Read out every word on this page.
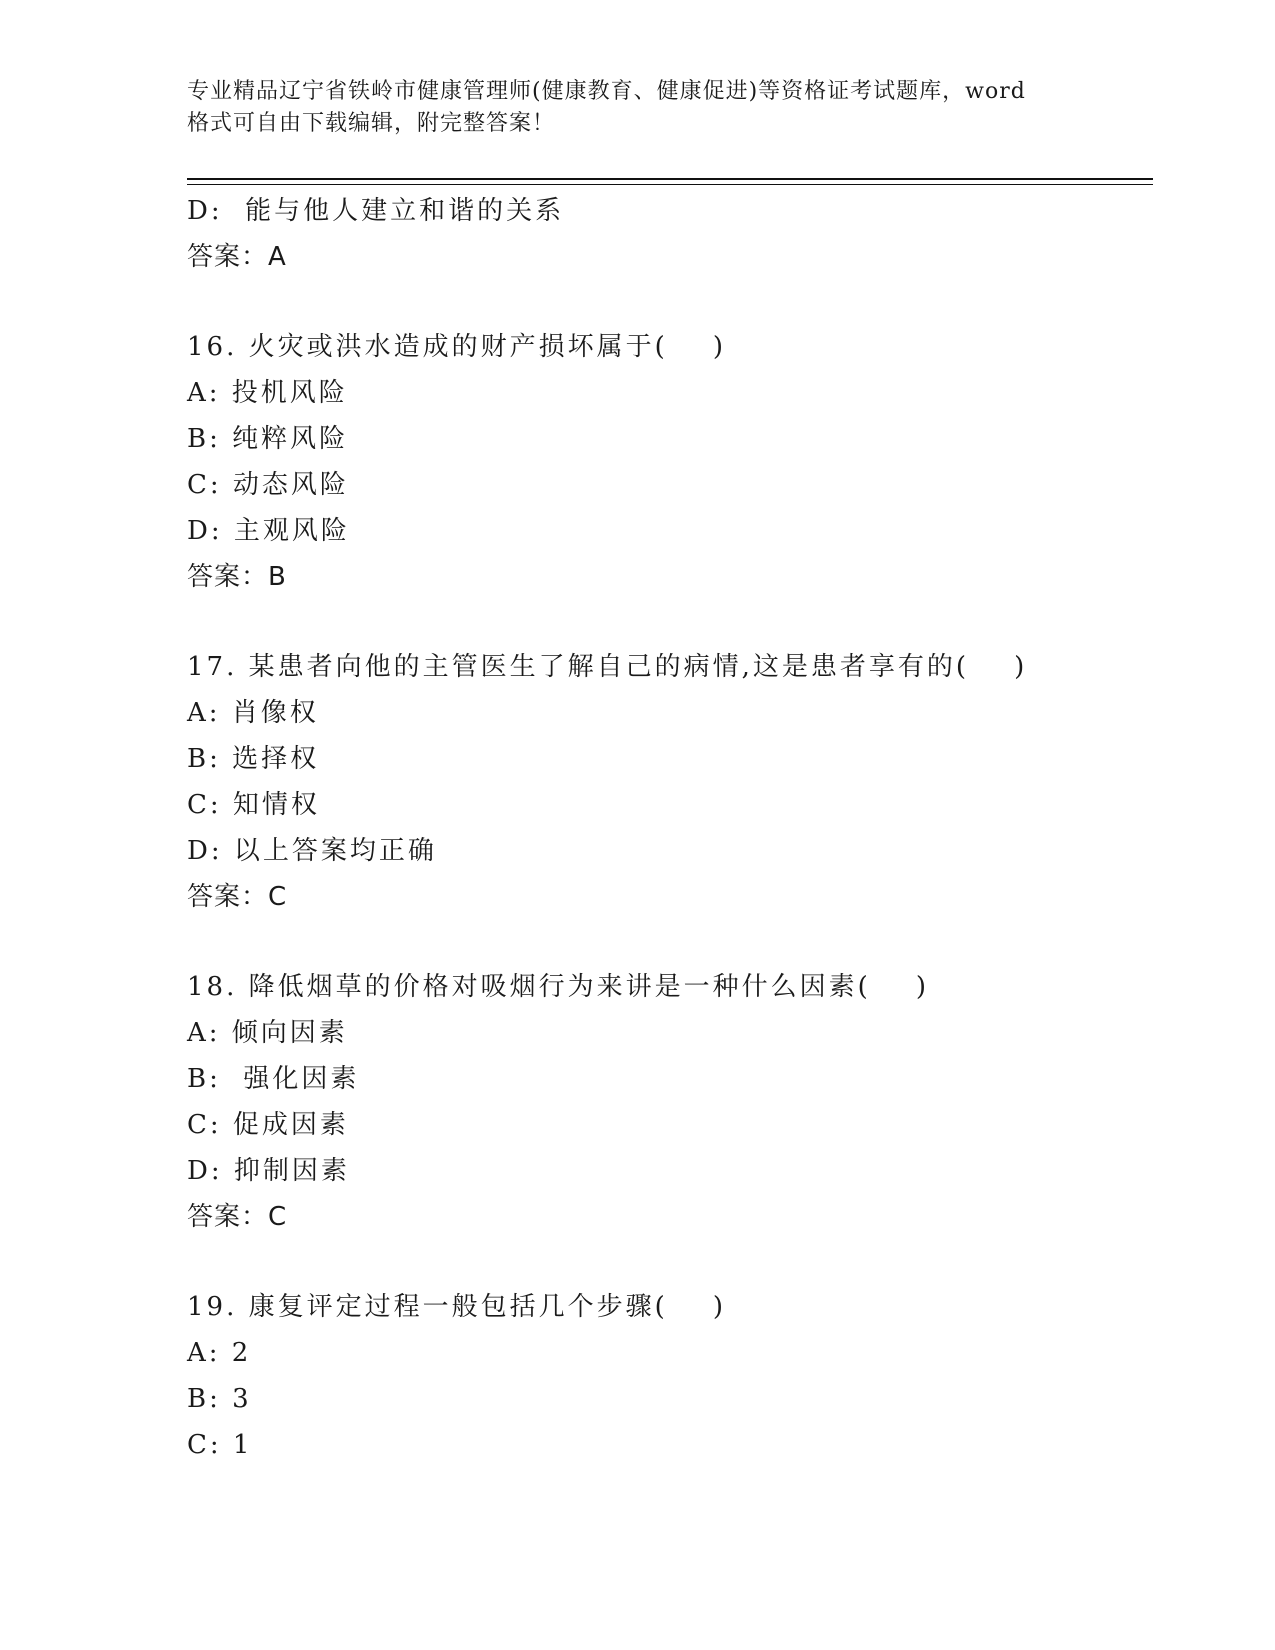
专业精品辽宁省铁岭市健康管理师(健康教育、健康促进)等资格证考试题库，word
格式可自由下载编辑，附完整答案！
D:  能与他人建立和谐的关系
答案：A
16. 火灾或洪水造成的财产损坏属于(    )
A: 投机风险
B: 纯粹风险
C: 动态风险
D: 主观风险
答案：B
17. 某患者向他的主管医生了解自己的病情,这是患者享有的(    )
A: 肖像权
B: 选择权
C: 知情权
D: 以上答案均正确
答案：C
18. 降低烟草的价格对吸烟行为来讲是一种什么因素(    )
A: 倾向因素
B:  强化因素
C: 促成因素
D: 抑制因素
答案：C
19. 康复评定过程一般包括几个步骤(    )
A: 2
B: 3
C: 1
